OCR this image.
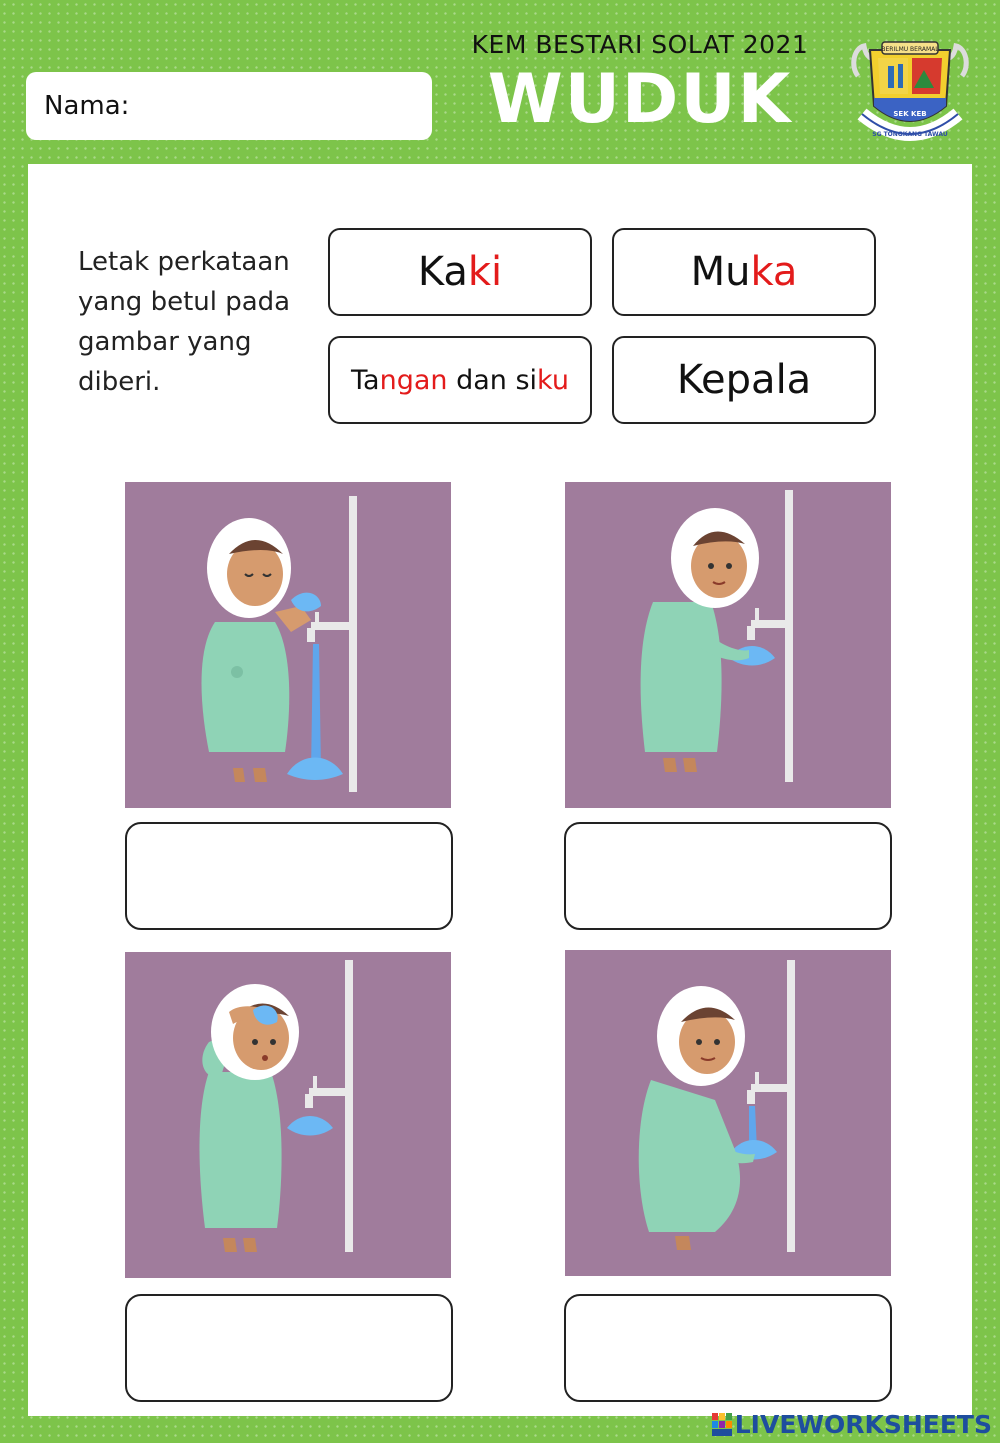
Nama:
KEM BESTARI SOLAT 2021
WUDUK
BERILMU BERAMAL
SEK KEB
SG TONGKANG TAWAU
Letak perkataan yang betul pada gambar yang diberi.
Kaki	Muka
Tangan dan siku	Kepala
LIVEWORKSHEETS
